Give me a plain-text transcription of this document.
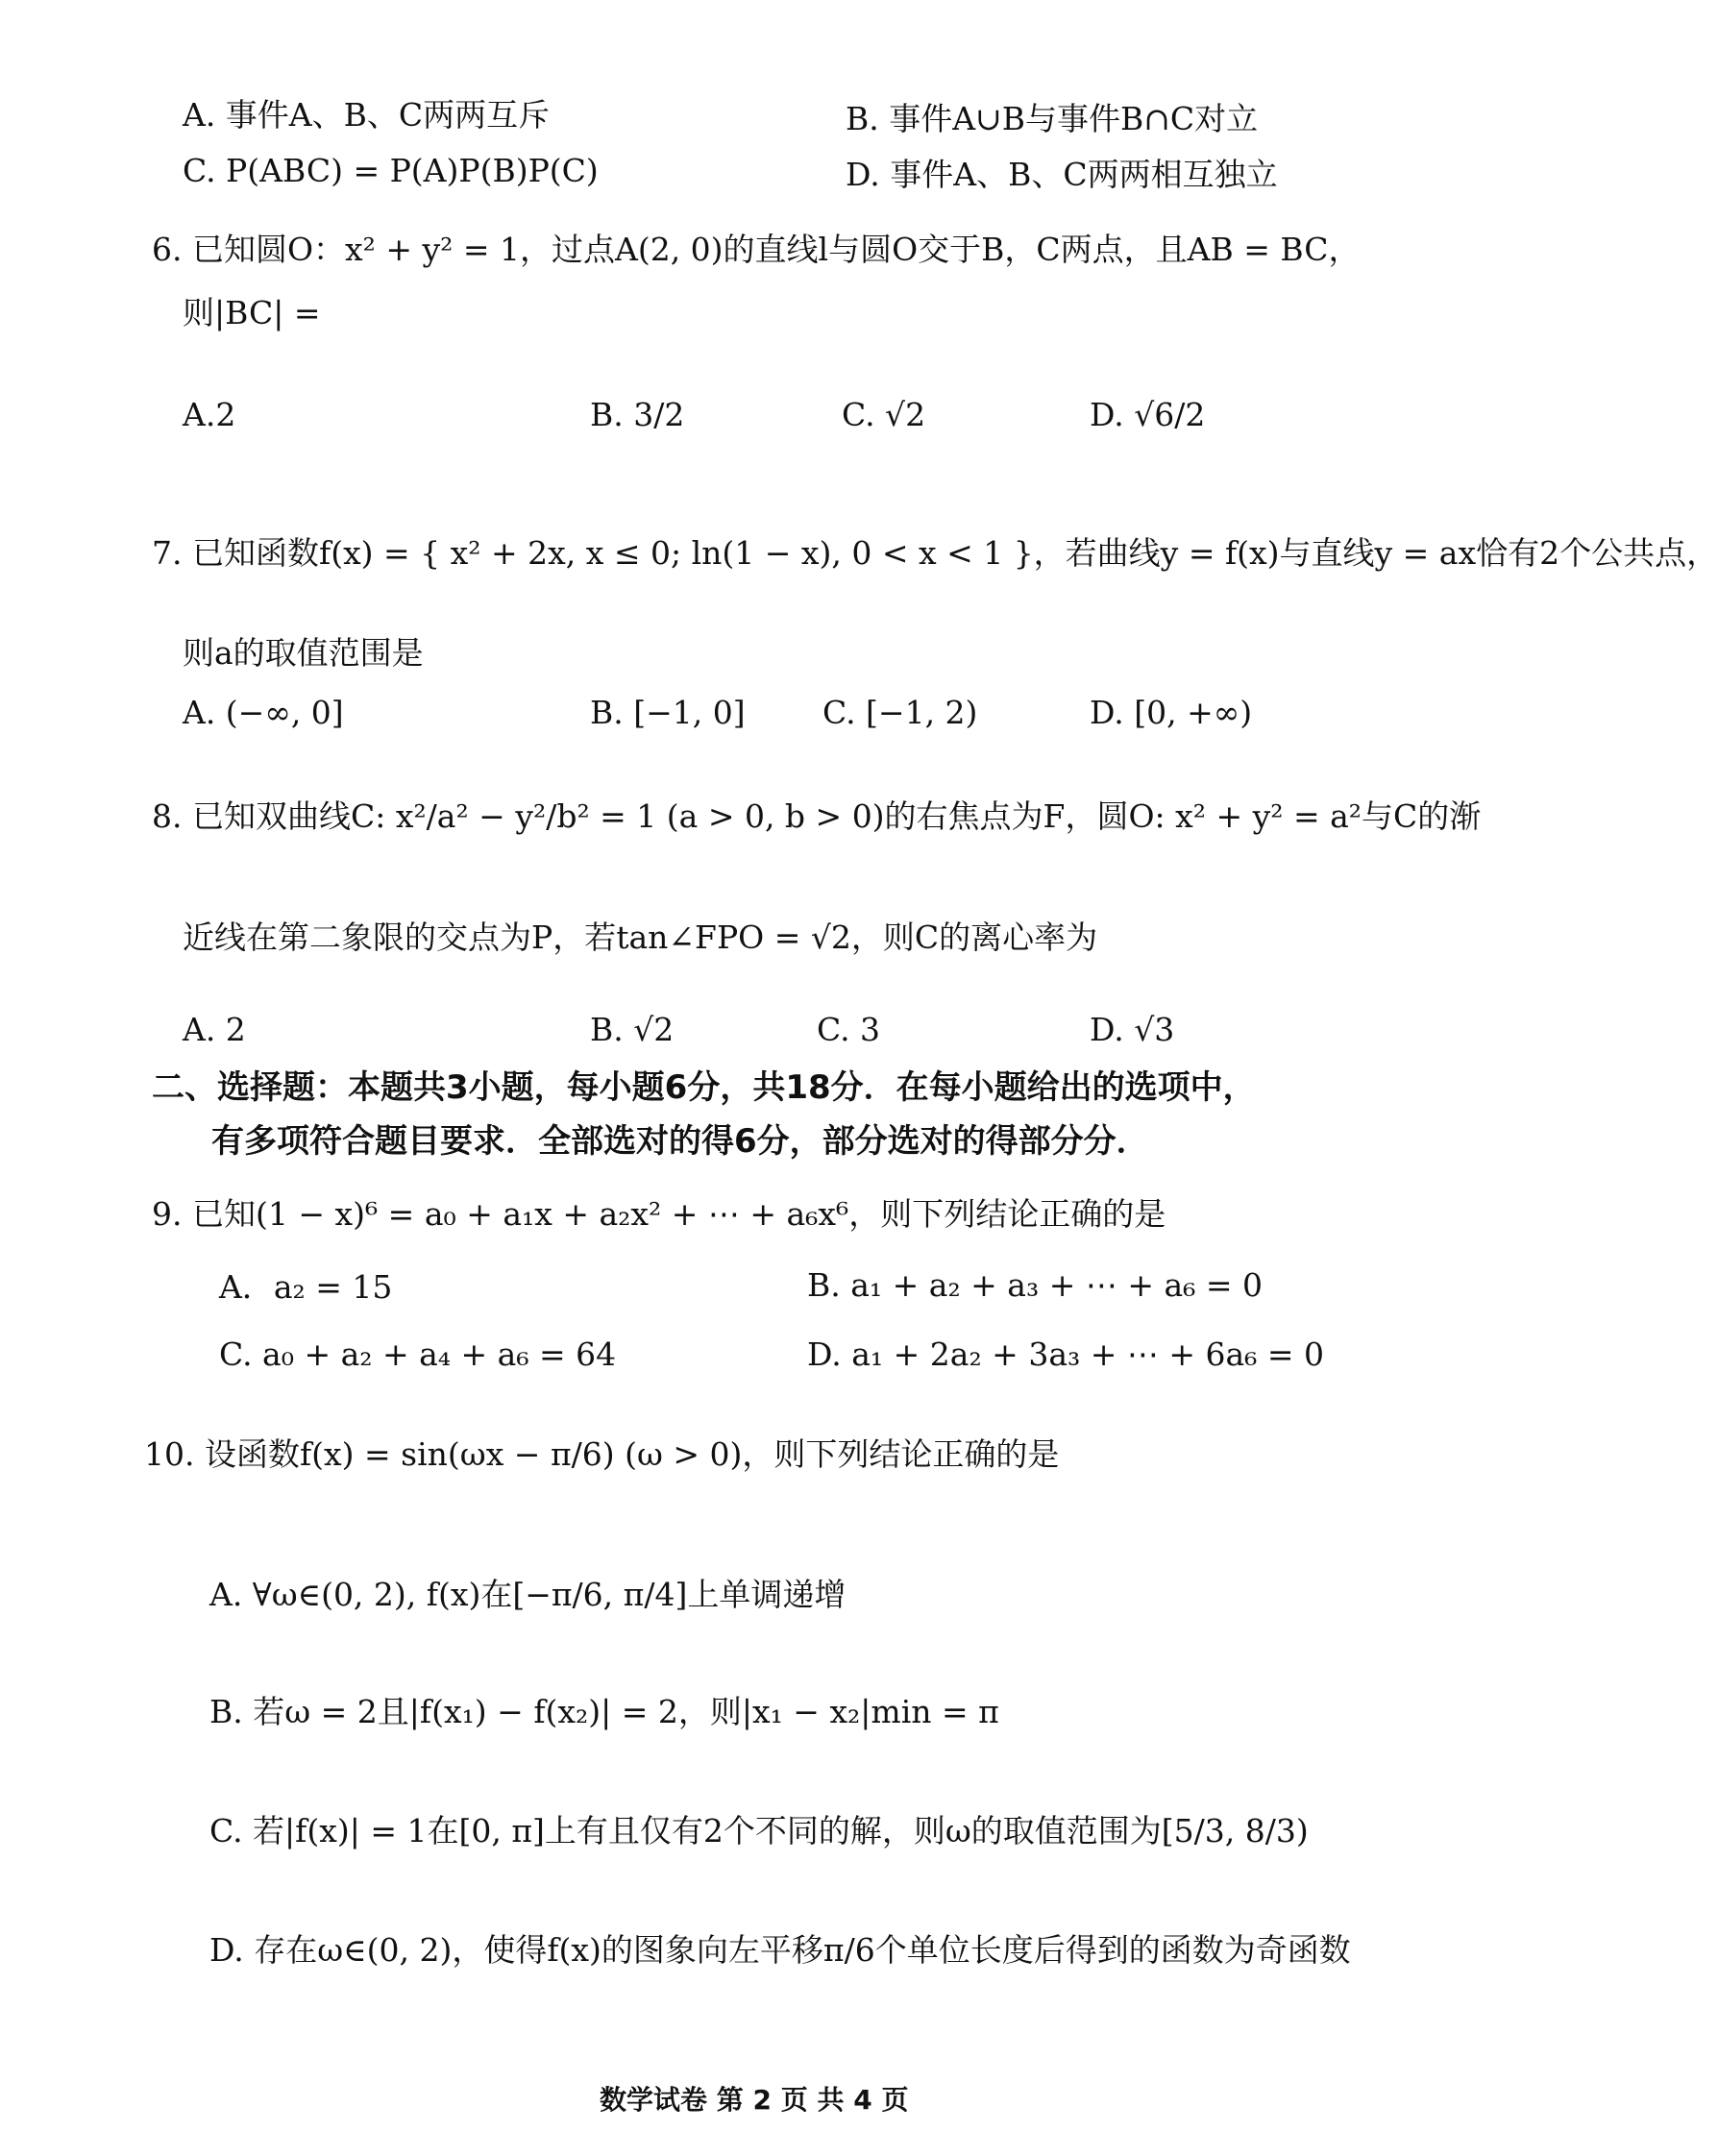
A. 事件A、B、C两两互斥	B. 事件A∪B与事件B∩C对立
C. P(ABC) = P(A)P(B)P(C)	D. 事件A、B、C两两相互独立
6. 已知圆O：x² + y² = 1，过点A(2, 0)的直线l与圆O交于B，C两点，且AB = BC，
则|BC| =
A.2	B. 3/2	C. √2	D. √6/2
7. 已知函数f(x) = { x² + 2x, x ≤ 0; ln(1 − x), 0 < x < 1 }，若曲线y = f(x)与直线y = ax恰有2个公共点，
则a的取值范围是
A. (−∞, 0]	B. [−1, 0] C. [−1, 2)	D. [0, +∞)
8. 已知双曲线C: x²/a² − y²/b² = 1 (a > 0, b > 0)的右焦点为F，圆O: x² + y² = a²与C的渐
近线在第二象限的交点为P，若tan∠FPO = √2，则C的离心率为
A. 2	B. √2	C. 3	D. √3
二、选择题：本题共3小题，每小题6分，共18分．在每小题给出的选项中，
有多项符合题目要求．全部选对的得6分，部分选对的得部分分．
9. 已知(1 − x)⁶ = a₀ + a₁x + a₂x² + ⋯ + a₆x⁶，则下列结论正确的是
A．a₂ = 15	B. a₁ + a₂ + a₃ + ⋯ + a₆ = 0
C. a₀ + a₂ + a₄ + a₆ = 64	D. a₁ + 2a₂ + 3a₃ + ⋯ + 6a₆ = 0
10. 设函数f(x) = sin(ωx − π/6) (ω > 0)，则下列结论正确的是
A. ∀ω∈(0, 2), f(x)在[−π/6, π/4]上单调递增
B. 若ω = 2且|f(x₁) − f(x₂)| = 2，则|x₁ − x₂|min = π
C. 若|f(x)| = 1在[0, π]上有且仅有2个不同的解，则ω的取值范围为[5/3, 8/3)
D. 存在ω∈(0, 2)，使得f(x)的图象向左平移π/6个单位长度后得到的函数为奇函数
数学试卷 第 2 页 共 4 页
